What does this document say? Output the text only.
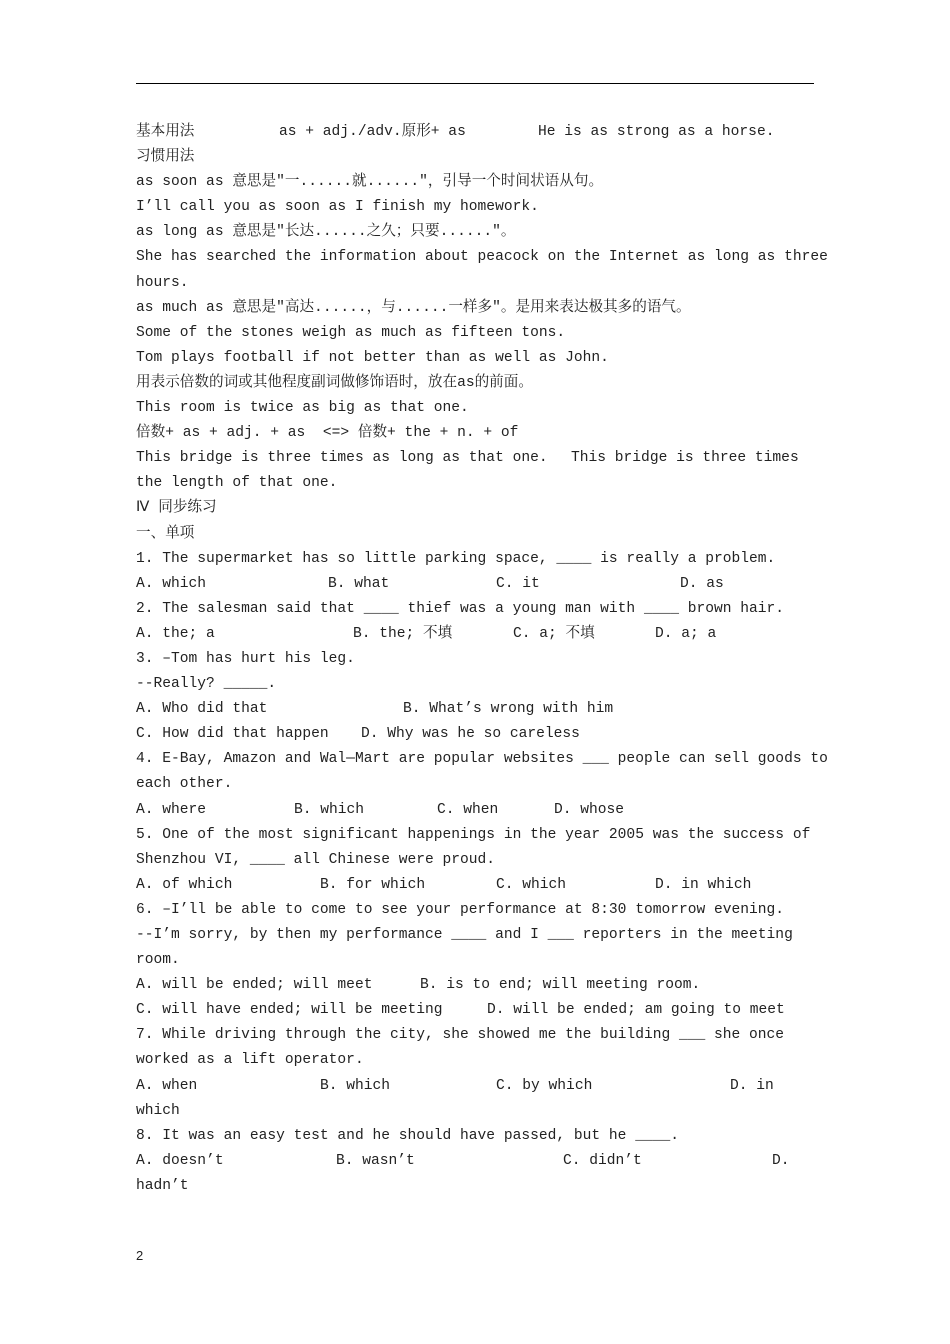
基本用法

	as + adj./adv.原形+ as

	He is as strong as a horse.

习惯用法
as soon as 意思是"一......就......"，引导一个时间状语从句。
I’ll call you as soon as I finish my homework.
as long as 意思是"长达......之久；只要......"。
She has searched the information about peacock on the Internet as long as three
hours.
as much as 意思是"高达......，与......一样多"。是用来表达极其多的语气。
Some of the stones weigh as much as fifteen tons.
Tom plays football if not better than as well as John.
用表示倍数的词或其他程度副词做修饰语时，放在as的前面。
This room is twice as big as that one.
倍数+ as + adj. + as  <=> 倍数+ the + n. + of

This bridge is three times as long as that one.

This bridge is three times

the length of that one.
Ⅳ 同步练习
一、单项
1. The supermarket has so little parking space, ____ is really a problem.

A. which

	B. what

	C. it

	D. as

2. The salesman said that ____ thief was a young man with ____ brown hair.

A. the; a

	B. the; 不填

	C. a; 不填

	D. a; a

3. –Tom has hurt his leg.
--Really? _____.

A. Who did that

	B. What’s wrong with him

C. How did that happen

D. Why was he so careless

4. E-Bay, Amazon and Wal—Mart are popular websites ___ people can sell goods to
each other.

A. where

	B. which

	C. when

	D. whose

5. One of the most significant happenings in the year 2005 was the success of
Shenzhou VI, ____ all Chinese were proud.

A. of which

	B. for which

	C. which

	D. in which

6. –I’ll be able to come to see your performance at 8:30 tomorrow evening.
--I’m sorry, by then my performance ____ and I ___ reporters in the meeting
room.

A. will be ended; will meet

	B. is to end; will meeting room.

C. will have ended; will be meeting

	D. will be ended; am going to meet

7. While driving through the city, she showed me the building ___ she once
worked as a lift operator.

A. when

	B. which

	C. by which

	D. in

which
8. It was an easy test and he should have passed, but he ____.

A. doesn’t

	B. wasn’t

	C. didn’t

	D.

hadn’t
2
